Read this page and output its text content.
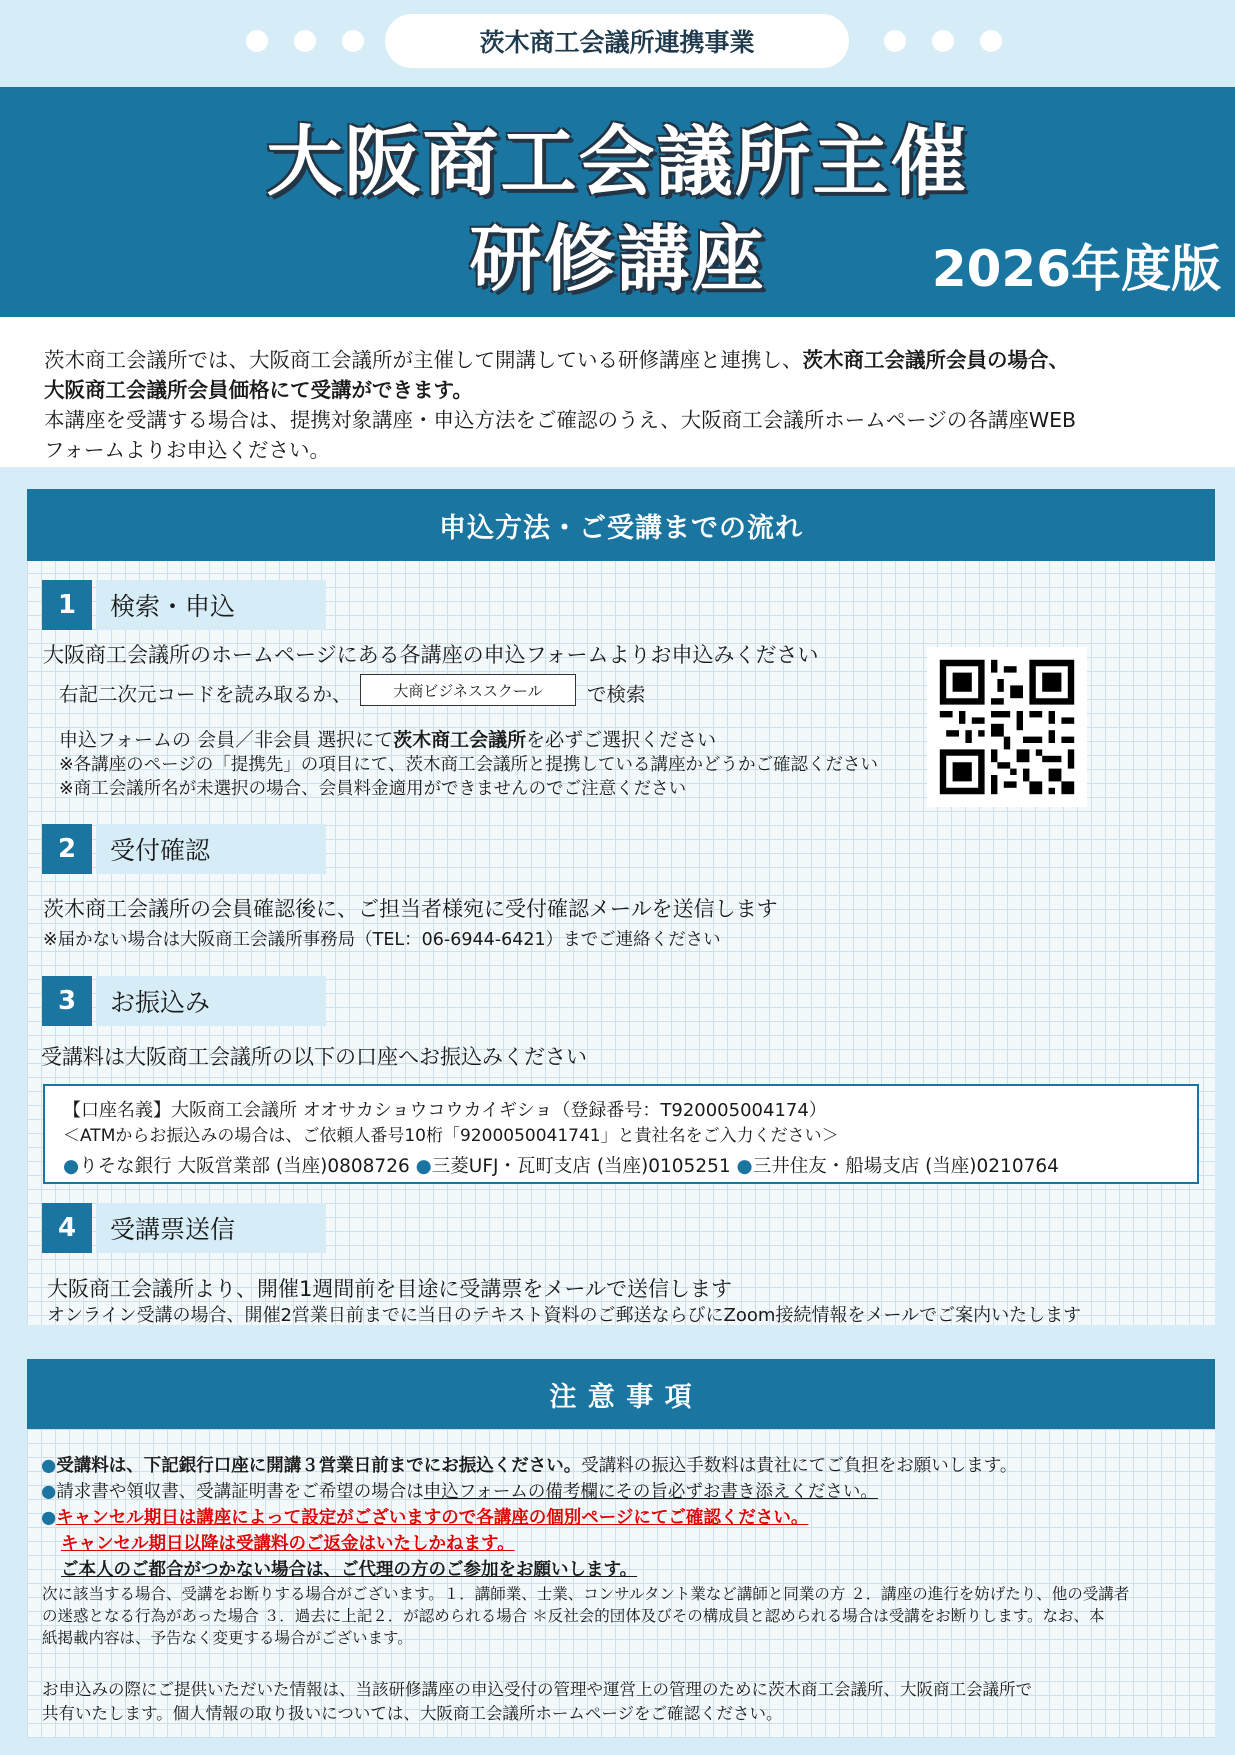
茨木商工会議所連携事業
大阪商工会議所主催
研修講座	2026年度版

茨木商工会議所では、大阪商工会議所が主催して開講している研修講座と連携し、茨木商工会議所会員の場合、
大阪商工会議所会員価格にて受講ができます。
本講座を受講する場合は、提携対象講座・申込方法をご確認のうえ、大阪商工会議所ホームページの各講座WEB
フォームよりお申込ください。

申込方法・ご受講までの流れ
1	検索・申込
大阪商工会議所のホームページにある各講座の申込フォームよりお申込みください
右記二次元コードを読み取るか、	大商ビジネススクール	で検索
申込フォームの 会員／非会員 選択にて茨木商工会議所を必ずご選択ください
※各講座のページの「提携先」の項目にて、茨木商工会議所と提携している講座かどうかご確認ください
※商工会議所名が未選択の場合、会員料金適用ができませんのでご注意ください
2	受付確認
茨木商工会議所の会員確認後に、ご担当者様宛に受付確認メールを送信します
※届かない場合は大阪商工会議所事務局（TEL：06-6944-6421）までご連絡ください
3	お振込み
受講料は大阪商工会議所の以下の口座へお振込みください
【口座名義】大阪商工会議所 オオサカショウコウカイギショ（登録番号：T920005004174）
＜ATMからお振込みの場合は、ご依頼人番号10桁「9200050041741」と貴社名をご入力ください＞
●りそな銀行 大阪営業部 (当座)0808726 ●三菱UFJ・瓦町支店 (当座)0105251 ●三井住友・船場支店 (当座)0210764
4	受講票送信
大阪商工会議所より、開催1週間前を目途に受講票をメールで送信します
オンライン受講の場合、開催2営業日前までに当日のテキスト資料のご郵送ならびにZoom接続情報をメールでご案内いたします
注 意 事 項
●受講料は、下記銀行口座に開講３営業日前までにお振込ください。受講料の振込手数料は貴社にてご負担をお願いします。
●請求書や領収書、受講証明書をご希望の場合は申込フォームの備考欄にその旨必ずお書き添えください。
●キャンセル期日は講座によって設定がございますので各講座の個別ページにてご確認ください。
キャンセル期日以降は受講料のご返金はいたしかねます。
ご本人のご都合がつかない場合は、ご代理の方のご参加をお願いします。
次に該当する場合、受講をお断りする場合がございます。１．講師業、士業、コンサルタント業など講師と同業の方 ２．講座の進行を妨げたり、他の受講者
の迷惑となる行為があった場合 ３．過去に上記２．が認められる場合 ＊反社会的団体及びその構成員と認められる場合は受講をお断りします。なお、本
紙掲載内容は、予告なく変更する場合がございます。
お申込みの際にご提供いただいた情報は、当該研修講座の申込受付の管理や運営上の管理のために茨木商工会議所、大阪商工会議所で
共有いたします。個人情報の取り扱いについては、大阪商工会議所ホームページをご確認ください。
